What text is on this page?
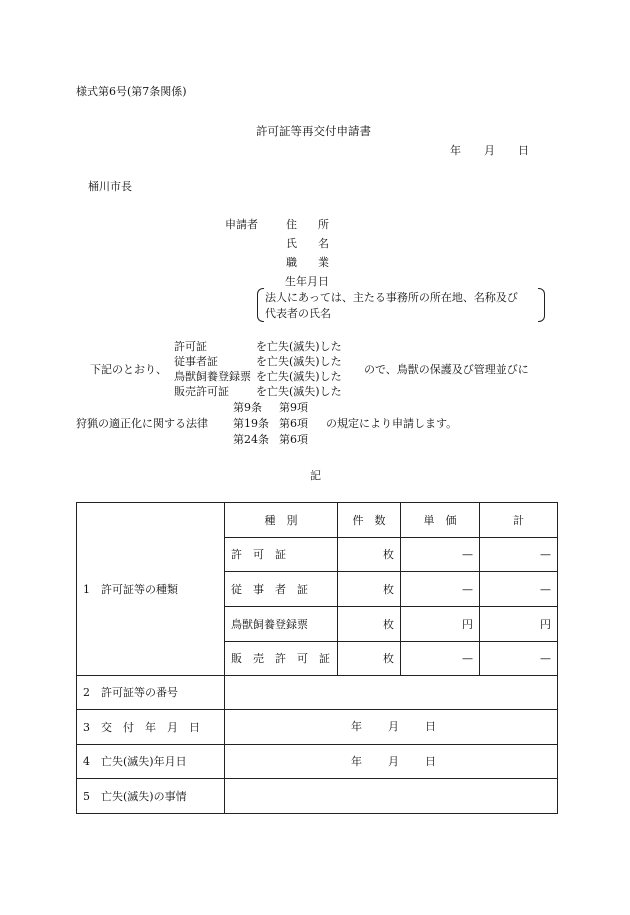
様式第6号(第7条関係)
許可証等再交付申請書
年 月 日
桶川市長
申請者	住 所
氏 名
職 業
生年月日
法人にあっては、主たる事務所の所在地、名称及び
代表者の氏名
許可証	を亡失(滅失)した
従事者証	を亡失(滅失)した
下記のとおり、
鳥獣飼養登録票 を亡失(滅失)した
ので、鳥獣の保護及び管理並びに
販売許可証 を亡失(滅失)した
第9条 第9項
狩猟の適正化に関する法律 第19条 第6項 の規定により申請します。
第24条 第6項
記
1　許可証等の種類	種　別	件　数	単　価	計
	許　可　証	枚	—	—
	従　事　者　証	枚	—	—
	鳥獣飼養登録票	枚	円	円
	販　売　許　可　証	枚	—	—
2　許可証等の番号				
3　交　付　年　月　日	年 月 日			

4　亡失(滅失)年月日	年 月 日			

5　亡失(滅失)の事情				
